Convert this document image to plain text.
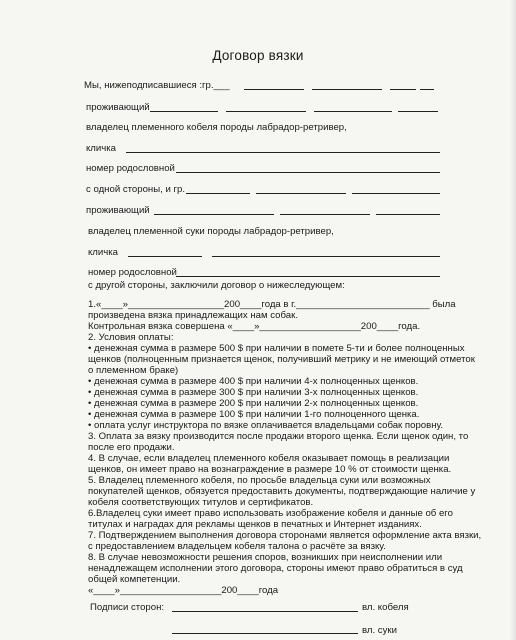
Договор вязки
Мы, нижеподписавшиеся :гр.___
проживающий
владелец племенного кобеля породы лабрадор-ретривер,
кличка
номер родословной
с одной стороны, и гр.
проживающий
владелец племенной суки породы лабрадор-ретривер,
кличка
номер родословной
с другой стороны, заключили договор о нижеследующем:
1.«____»__________________200____года в г._________________________ была
произведена вязка принадлежащих нам собак.
Контрольная вязка совершена «____»___________________200____года.
2. Условия оплаты:
• денежная сумма в размере 500 $ при наличии в помете 5-ти и более полноценных
щенков (полноценным признается щенок, получивший метрику и не имеющий отметок
о племенном браке)
• денежная сумма в размере 400 $ при наличии 4-х полноценных щенков.
• денежная сумма в размере 300 $ при наличии 3-х полноценных щенков.
• денежная сумма в размере 200 $ при наличии 2-х полноценных щенков.
• денежная сумма в размере 100 $ при наличии 1-го полноценного щенка.
• оплата услуг инструктора по вязке оплачивается владельцами собак поровну.
3. Оплата за вязку производится после продажи второго щенка. Если щенок один, то
после его продажи.
4. В случае, если владелец племенного кобеля оказывает помощь в реализации
щенков, он имеет право на вознаграждение в размере 10 % от стоимости щенка.
5. Владелец племенного кобеля, по просьбе владельца суки или возможных
покупателей щенков, обязуется предоставить документы, подтверждающие наличие у
кобеля соответствующих титулов и сертификатов.
6.Владелец суки имеет право использовать изображение кобеля и данные об его
титулах и наградах для рекламы щенков в печатных и Интернет изданиях.
7. Подтверждением выполнения договора сторонами является оформление акта вязки,
с предоставлением владельцем кобеля талона о расчёте за вязку.
8. В случае невозможности решения споров, возникших при неисполнении или
ненадлежащем исполнении этого договора, стороны имеют право обратиться в суд
общей компетенции.
«____»___________________200____года
Подписи сторон:	вл. кобеля
вл. суки
